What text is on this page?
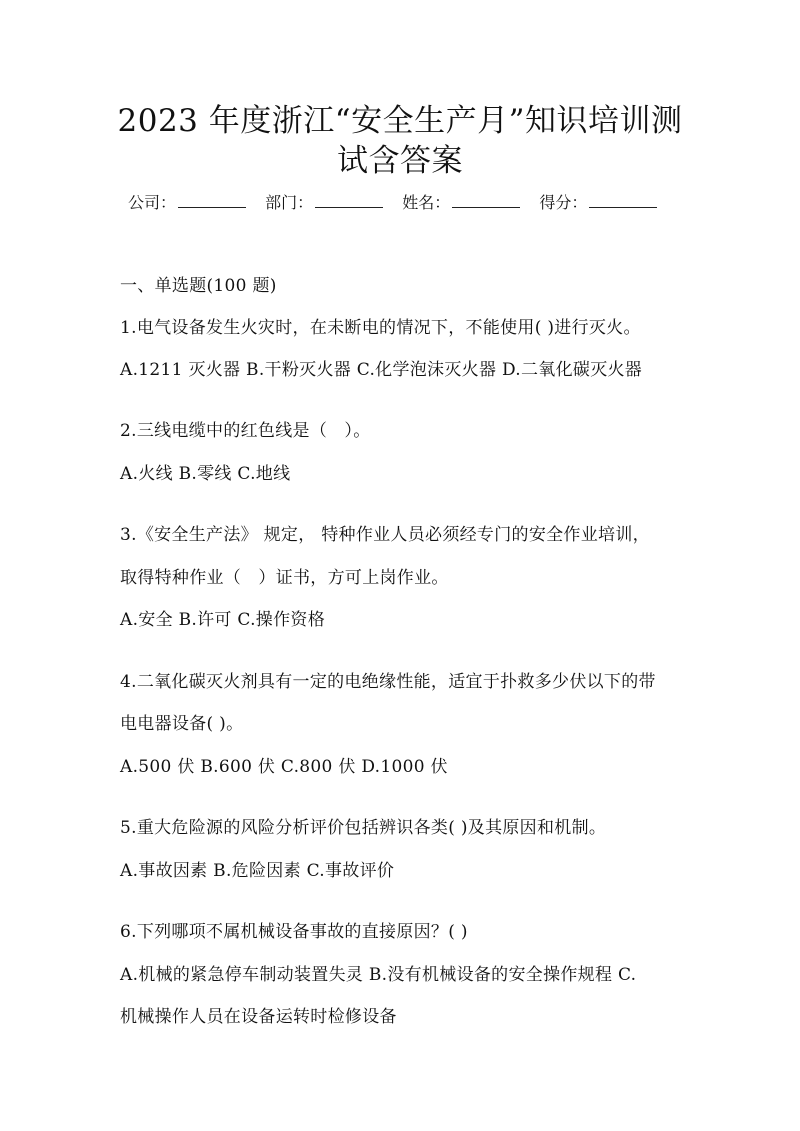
2023 年度浙江“安全生产月”知识培训测
试含答案
公司：	部门：	姓名：	得分：
一、单选题(100 题)
1.电气设备发生火灾时，在未断电的情况下，不能使用( )进行灭火。
A.1211 灭火器 B.干粉灭火器 C.化学泡沫灭火器 D.二氧化碳灭火器
2.三线电缆中的红色线是（　）。
A.火线 B.零线 C.地线
3.《安全生产法》 规定， 特种作业人员必须经专门的安全作业培训，
取得特种作业（　）证书，方可上岗作业。
A.安全 B.许可 C.操作资格
4.二氧化碳灭火剂具有一定的电绝缘性能，适宜于扑救多少伏以下的带
电电器设备( )。
A.500 伏 B.600 伏 C.800 伏 D.1000 伏
5.重大危险源的风险分析评价包括辨识各类( )及其原因和机制。
A.事故因素 B.危险因素 C.事故评价
6.下列哪项不属机械设备事故的直接原因？( )
A.机械的紧急停车制动装置失灵 B.没有机械设备的安全操作规程 C.
机械操作人员在设备运转时检修设备
